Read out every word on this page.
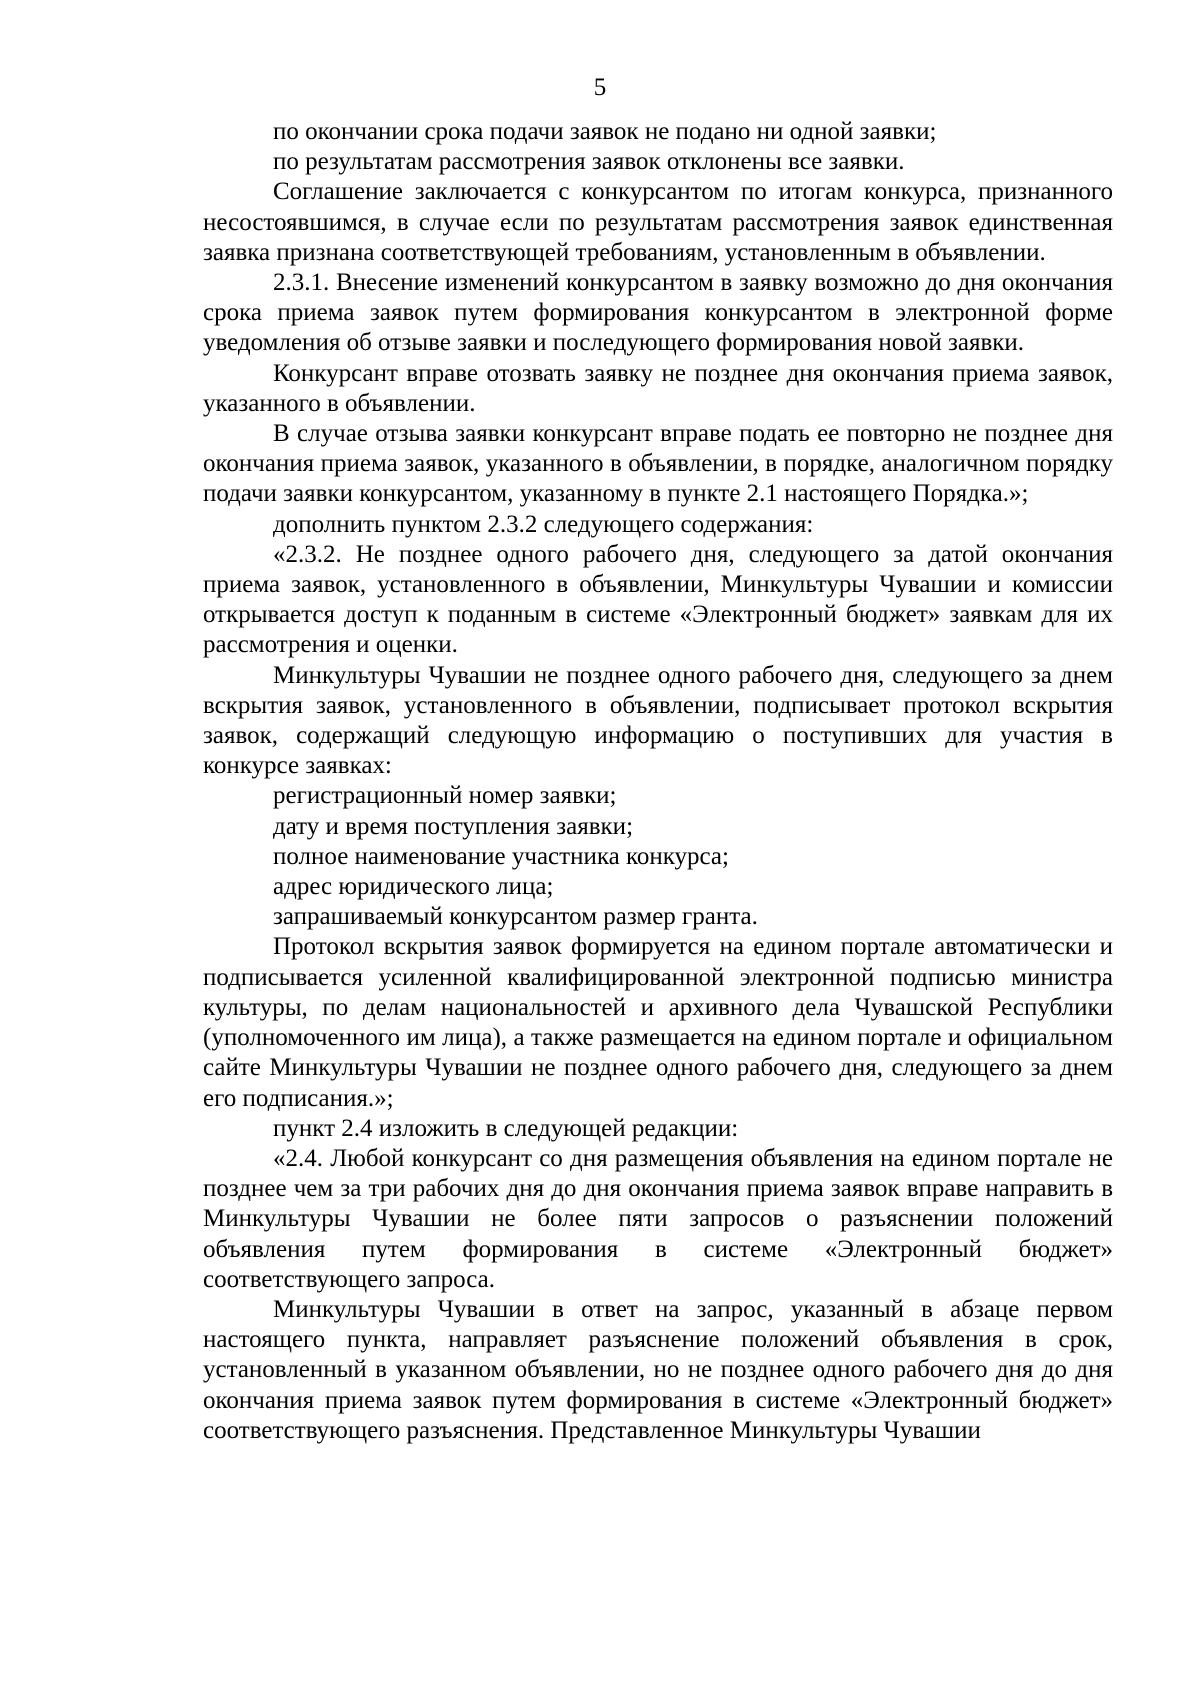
5

по окончании срока подачи заявок не подано ни одной заявки;

по результатам рассмотрения заявок отклонены все заявки.

Соглашение заключается с конкурсантом по итогам конкурса, признанного несостоявшимся, в случае если по результатам рассмотрения заявок единственная заявка признана соответствующей требованиям, установленным в объявлении.

2.3.1. Внесение изменений конкурсантом в заявку возможно до дня окончания срока приема заявок путем формирования конкурсантом в электронной форме уведомления об отзыве заявки и последующего формирования новой заявки.

Конкурсант вправе отозвать заявку не позднее дня окончания приема заявок, указанного в объявлении.

В случае отзыва заявки конкурсант вправе подать ее повторно не позднее дня окончания приема заявок, указанного в объявлении, в порядке, аналогичном порядку подачи заявки конкурсантом, указанному в пункте 2.1 настоящего Порядка.»;

дополнить пунктом 2.3.2 следующего содержания:

«2.3.2. Не позднее одного рабочего дня, следующего за датой окончания приема заявок, установленного в объявлении, Минкультуры Чувашии и комиссии открывается доступ к поданным в системе «Электронный бюджет» заявкам для их рассмотрения и оценки.

Минкультуры Чувашии не позднее одного рабочего дня, следующего за днем вскрытия заявок, установленного в объявлении, подписывает протокол вскрытия заявок, содержащий следующую информацию о поступивших для участия в конкурсе заявках:

регистрационный номер заявки;

дату и время поступления заявки;

полное наименование участника конкурса;

адрес юридического лица;

запрашиваемый конкурсантом размер гранта.

Протокол вскрытия заявок формируется на едином портале автоматически и подписывается усиленной квалифицированной электронной подписью министра культуры, по делам национальностей и архивного дела Чувашской Республики (уполномоченного им лица), а также размещается на едином портале и официальном сайте Минкультуры Чувашии не позднее одного рабочего дня, следующего за днем его подписания.»;

пункт 2.4 изложить в следующей редакции:

«2.4. Любой конкурсант со дня размещения объявления на едином портале не позднее чем за три рабочих дня до дня окончания приема заявок вправе направить в Минкультуры Чувашии не более пяти запросов о разъяснении положений объявления путем формирования в системе «Электронный бюджет» соответствующего запроса.

Минкультуры Чувашии в ответ на запрос, указанный в абзаце первом настоящего пункта, направляет разъяснение положений объявления в срок, установленный в указанном объявлении, но не позднее одного рабочего дня до дня окончания приема заявок путем формирования в системе «Электронный бюджет» соответствующего разъяснения. Представленное Минкультуры Чувашии
